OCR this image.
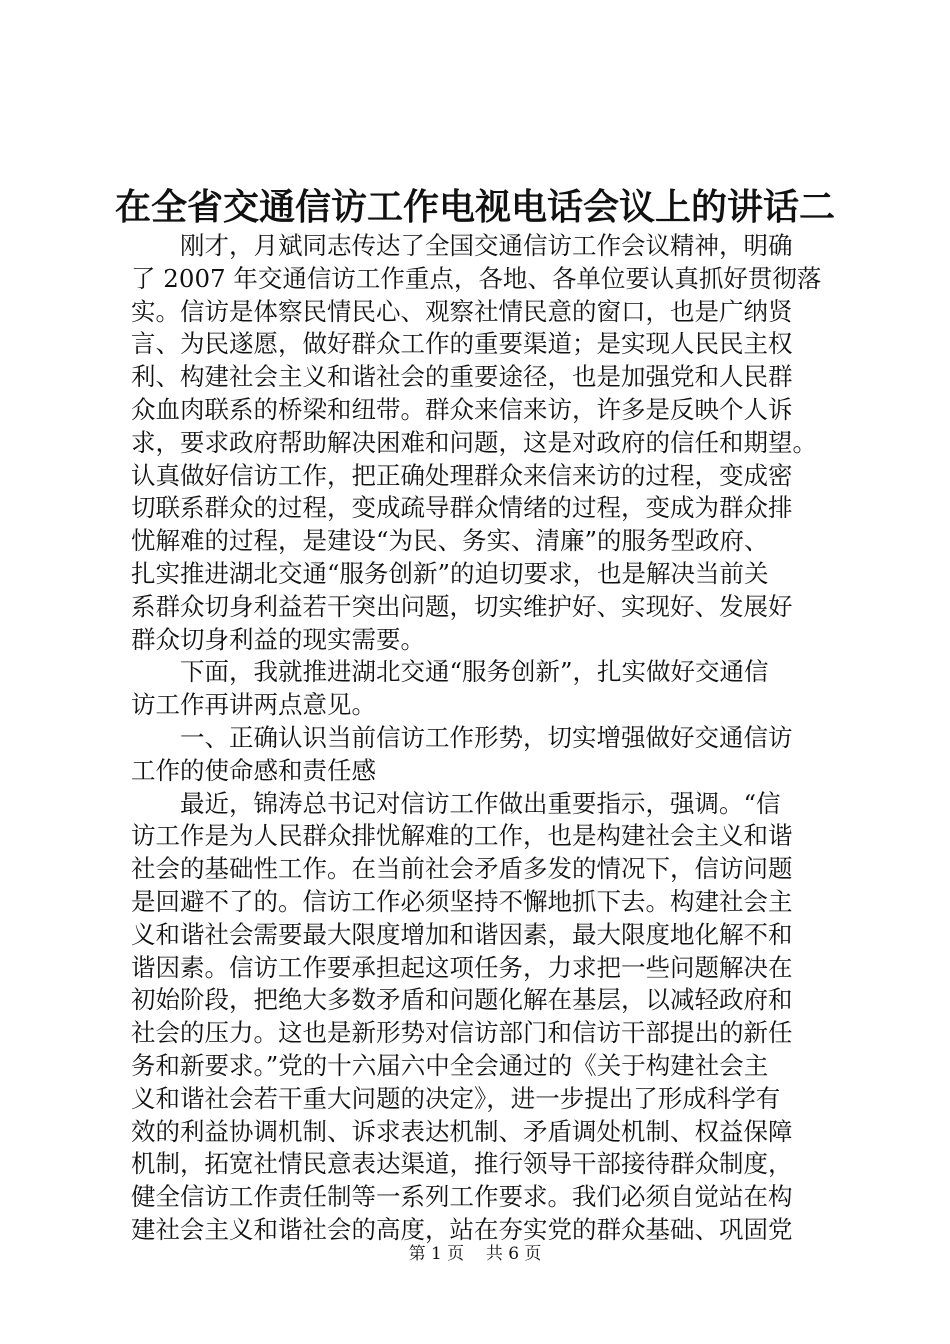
在全省交通信访工作电视电话会议上的讲话二
　　刚才，月斌同志传达了全国交通信访工作会议精神，明确
了 2007 年交通信访工作重点，各地、各单位要认真抓好贯彻落
实。信访是体察民情民心、观察社情民意的窗口，也是广纳贤
言、为民遂愿，做好群众工作的重要渠道；是实现人民民主权
利、构建社会主义和谐社会的重要途径，也是加强党和人民群
众血肉联系的桥梁和纽带。群众来信来访，许多是反映个人诉
求，要求政府帮助解决困难和问题，这是对政府的信任和期望。
认真做好信访工作，把正确处理群众来信来访的过程，变成密
切联系群众的过程，变成疏导群众情绪的过程，变成为群众排
忧解难的过程，是建设“为民、务实、清廉”的服务型政府、
扎实推进湖北交通“服务创新”的迫切要求，也是解决当前关
系群众切身利益若干突出问题，切实维护好、实现好、发展好
群众切身利益的现实需要。
　　下面，我就推进湖北交通“服务创新”，扎实做好交通信
访工作再讲两点意见。
　　一、正确认识当前信访工作形势，切实增强做好交通信访
工作的使命感和责任感
　　最近，锦涛总书记对信访工作做出重要指示，强调。“信
访工作是为人民群众排忧解难的工作，也是构建社会主义和谐
社会的基础性工作。在当前社会矛盾多发的情况下，信访问题
是回避不了的。信访工作必须坚持不懈地抓下去。构建社会主
义和谐社会需要最大限度增加和谐因素，最大限度地化解不和
谐因素。信访工作要承担起这项任务，力求把一些问题解决在
初始阶段，把绝大多数矛盾和问题化解在基层，以减轻政府和
社会的压力。这也是新形势对信访部门和信访干部提出的新任
务和新要求。”党的十六届六中全会通过的《关于构建社会主
义和谐社会若干重大问题的决定》，进一步提出了形成科学有
效的利益协调机制、诉求表达机制、矛盾调处机制、权益保障
机制，拓宽社情民意表达渠道，推行领导干部接待群众制度，
健全信访工作责任制等一系列工作要求。我们必须自觉站在构
建社会主义和谐社会的高度，站在夯实党的群众基础、巩固党
第 1 页 共 6 页
